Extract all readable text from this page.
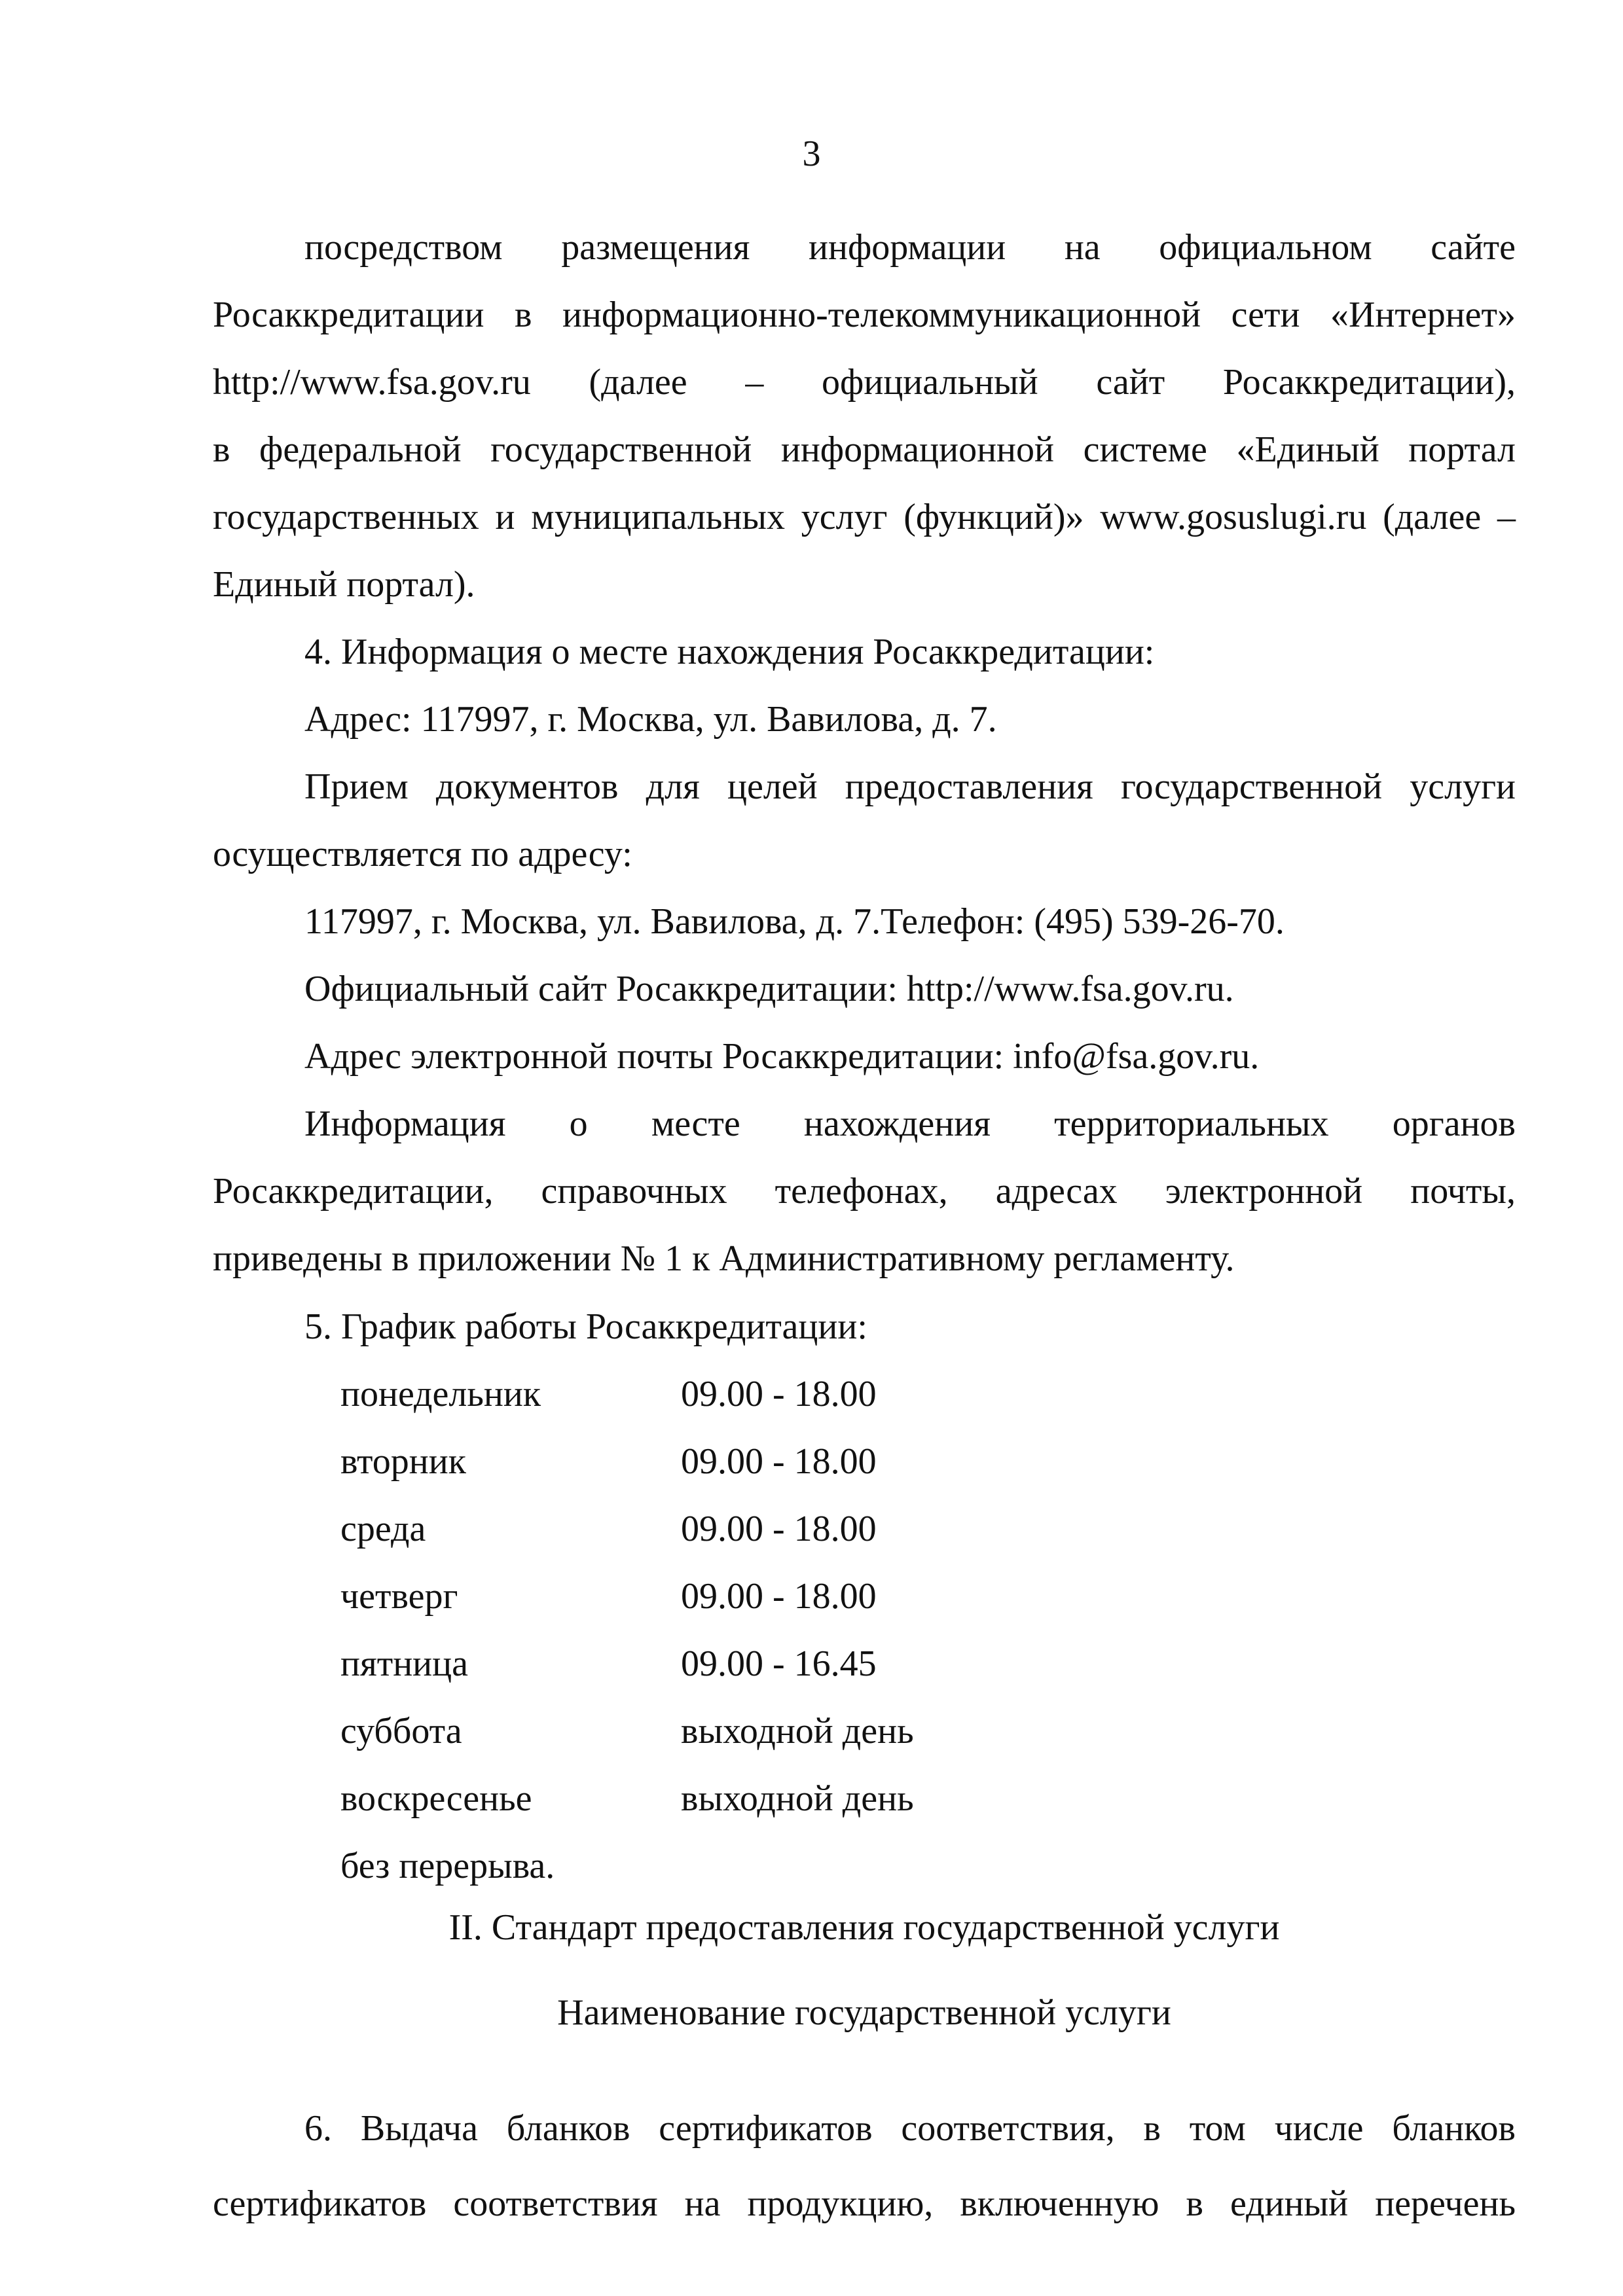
3

посредством размещения информации на официальном сайте

Росаккредитации в информационно-телекоммуникационной сети «Интернет»

http://www.fsa.gov.ru (далее – официальный сайт Росаккредитации),

в федеральной государственной информационной системе «Единый портал

государственных и муниципальных услуг (функций)» www.gosuslugi.ru (далее –

Единый портал).

4. Информация о месте нахождения Росаккредитации:

Адрес: 117997, г. Москва, ул. Вавилова, д. 7.

Прием документов для целей предоставления государственной услуги

осуществляется по адресу:

117997, г. Москва, ул. Вавилова, д. 7.Телефон: (495) 539-26-70.

Официальный сайт Росаккредитации: http://www.fsa.gov.ru.

Адрес электронной почты Росаккредитации: info@fsa.gov.ru.

Информация о месте нахождения территориальных органов

Росаккредитации, справочных телефонах, адресах электронной почты,

приведены в приложении № 1 к Административному регламенту.

5. График работы Росаккредитации:

понедельник	09.00 - 18.00
вторник	09.00 - 18.00
среда	09.00 - 18.00
четверг	09.00 - 18.00
пятница	09.00 - 16.45
суббота	выходной день
воскресенье	выходной день

без перерыва.

II. Стандарт предоставления государственной услуги

Наименование государственной услуги

6. Выдача бланков сертификатов соответствия, в том числе бланков

сертификатов соответствия на продукцию, включенную в единый перечень
